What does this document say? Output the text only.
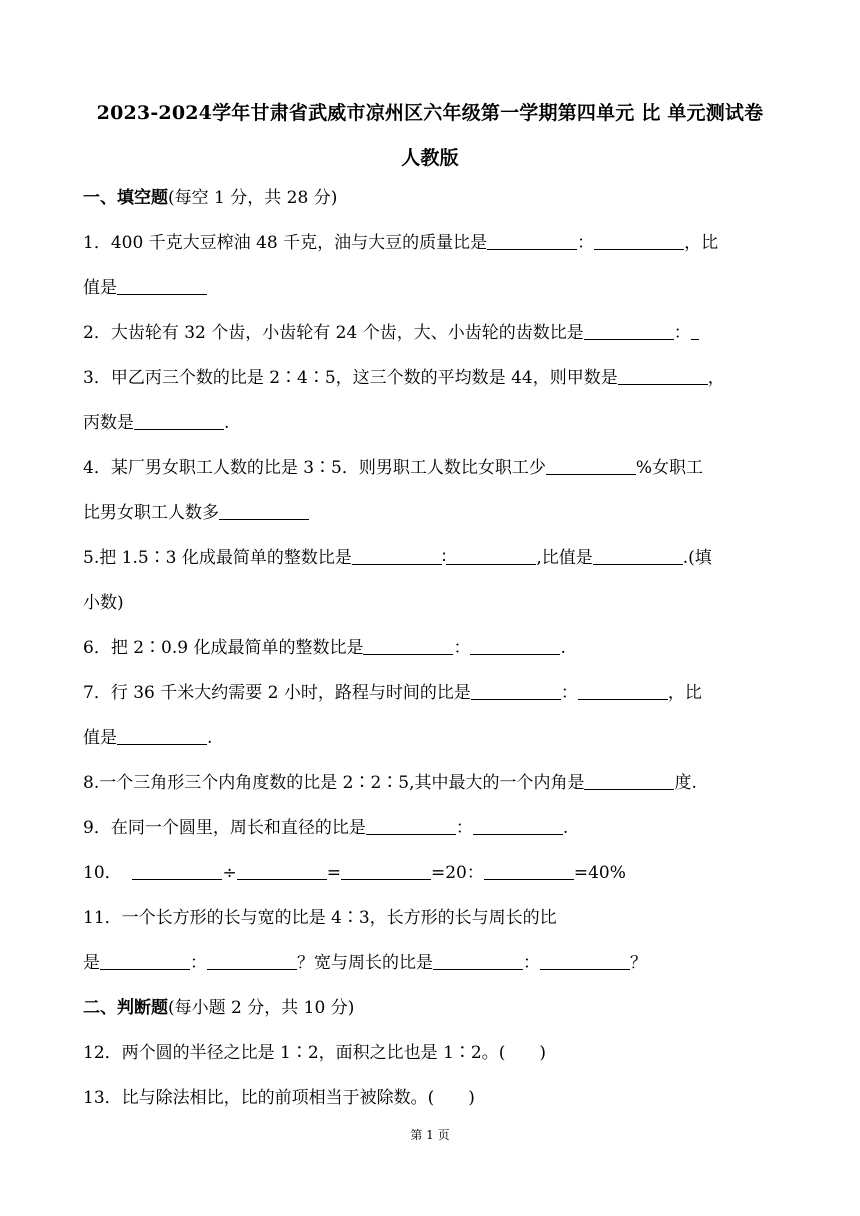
2023-2024学年甘肃省武威市凉州区六年级第一学期第四单元 比 单元测试卷
人教版
一、填空题(每空 1 分，共 28 分)
1．400 千克大豆榨油 48 千克，油与大豆的质量比是	：	，比
值是
2．大齿轮有 32 个齿，小齿轮有 24 个齿，大、小齿轮的齿数比是	：
3．甲乙丙三个数的比是 2∶4∶5，这三个数的平均数是 44，则甲数是	，
丙数是	.
4．某厂男女职工人数的比是 3∶5．则男职工人数比女职工少	%女职工
比男女职工人数多
5.把 1.5∶3 化成最简单的整数比是	∶	,比值是	.(填
小数)
6．把 2∶0.9 化成最简单的整数比是	：	.
7．行 36 千米大约需要 2 小时，路程与时间的比是	：	，比
值是	.
8.一个三角形三个内角度数的比是 2∶2∶5,其中最大的一个内角是	度.
9．在同一个圆里，周长和直径的比是	：	.
10．	÷	=	=20：	=40%
11．一个长方形的长与宽的比是 4∶3，长方形的长与周长的比
是	：	？宽与周长的比是	：	？
二、判断题(每小题 2 分，共 10 分)
12．两个圆的半径之比是 1∶2，面积之比也是 1∶2。(　　)
13．比与除法相比，比的前项相当于被除数。(　　)
第 1 页
